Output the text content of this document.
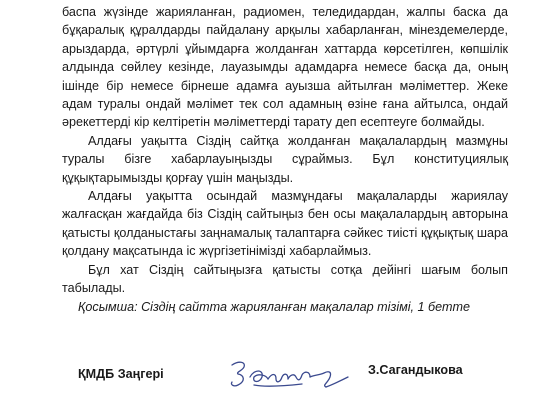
баспа жүзінде жарияланған, радиомен, теледидардан, жалпы баска да бұқаралық құралдарды пайдалану арқылы хабарланған, мінездемелерде, арыздарда, әртүрлі ұйымдарға жолданған хаттарда көрсетілген, көпшілік алдында сөйлеу кезінде, лауазымды адамдарға немесе басқа да, оның ішінде бір немесе бірнеше адамға ауызша айтылған мәліметтер. Жеке адам туралы ондай мәлімет тек сол адамның өзіне ғана айтылса, ондай әрекеттерді кір келтіретін мәліметтерді тарату деп есептеуге болмайды.

Алдағы уақытта Сіздің сайтқа жолданған мақалалардың мазмұны туралы бізге хабарлауыңызды сұраймыз. Бұл конституциялық құқықтарымызды қорғау үшін маңызды.

Алдағы уақытта осындай мазмұндағы мақалаларды жариялау жалғасқан жағдайда біз Сіздің сайтыңыз бен осы мақалалардың авторына қатысты қолданыстағы заңнамалық талаптарға сәйкес тиісті құқықтық шара қолдану мақсатында іс жүргізетініміздi хабарлаймыз.

Бұл хат Сіздің сайтыңызға қатысты сотқа дейінгі шағым болып табылады.

Қосымша: Сіздің сайтта жарияланған мақалалар тізімі, 1 бетте

ҚМДБ Заңгері	З.Сагандыкова
